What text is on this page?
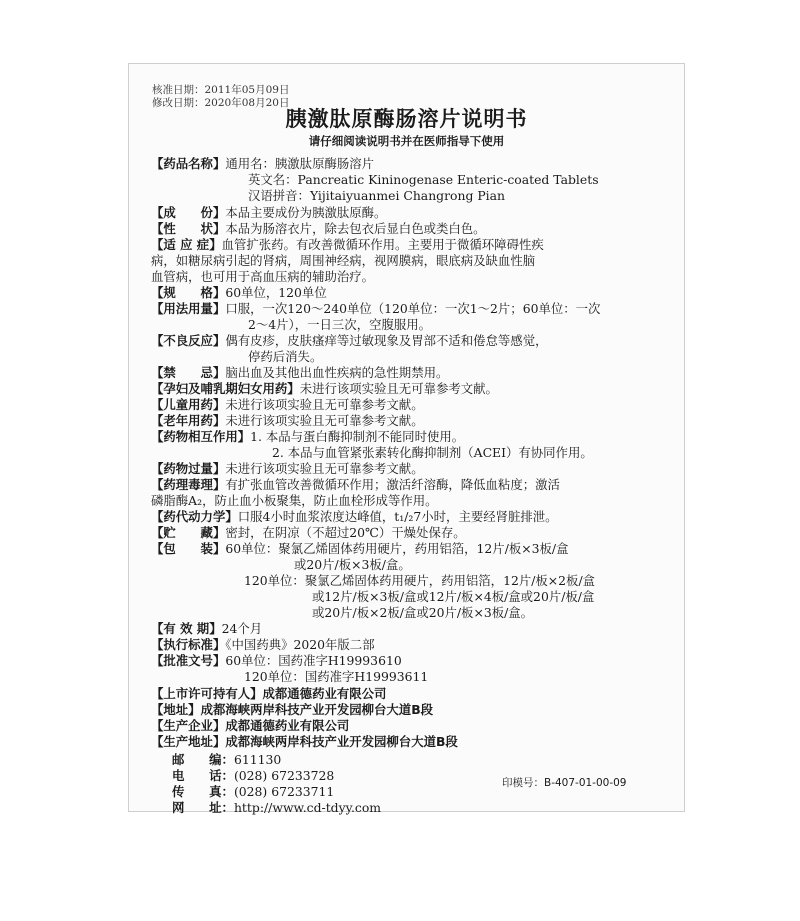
核准日期：2011年05月09日
修改日期：2020年08月20日
胰激肽原酶肠溶片说明书
请仔细阅读说明书并在医师指导下使用
【药品名称】通用名：胰激肽原酶肠溶片
英文名：Pancreatic Kininogenase Enteric-coated Tablets
汉语拼音：Yijitaiyuanmei Changrong Pian
【成　　份】本品主要成份为胰激肽原酶。
【性　　状】本品为肠溶衣片，除去包衣后显白色或类白色。
【适 应 症】血管扩张药。有改善微循环作用。主要用于微循环障碍性疾
病，如糖尿病引起的肾病，周围神经病，视网膜病，眼底病及缺血性脑
血管病，也可用于高血压病的辅助治疗。
【规　　格】60单位，120单位
【用法用量】口服，一次120～240单位（120单位：一次1～2片；60单位：一次
2～4片），一日三次，空腹服用。
【不良反应】偶有皮疹，皮肤瘙痒等过敏现象及胃部不适和倦怠等感觉，
停药后消失。
【禁　　忌】脑出血及其他出血性疾病的急性期禁用。
【孕妇及哺乳期妇女用药】未进行该项实验且无可靠参考文献。
【儿童用药】未进行该项实验且无可靠参考文献。
【老年用药】未进行该项实验且无可靠参考文献。
【药物相互作用】1. 本品与蛋白酶抑制剂不能同时使用。
2. 本品与血管紧张素转化酶抑制剂（ACEI）有协同作用。
【药物过量】未进行该项实验且无可靠参考文献。
【药理毒理】有扩张血管改善微循环作用；激活纤溶酶，降低血粘度；激活
磷脂酶A₂，防止血小板聚集，防止血栓形成等作用。
【药代动力学】口服4小时血浆浓度达峰值，t₁/₂7小时，主要经肾脏排泄。
【贮　　藏】密封，在阴凉（不超过20℃）干燥处保存。
【包　　装】60单位：聚氯乙烯固体药用硬片，药用铝箔，12片/板×3板/盒
或20片/板×3板/盒。
120单位：聚氯乙烯固体药用硬片，药用铝箔，12片/板×2板/盒
或12片/板×3板/盒或12片/板×4板/盒或20片/板/盒
或20片/板×2板/盒或20片/板×3板/盒。
【有 效 期】24个月
【执行标准】《中国药典》2020年版二部
【批准文号】60单位：国药准字H19993610
120单位：国药准字H19993611
【上市许可持有人】成都通德药业有限公司
【地址】成都海峡两岸科技产业开发园柳台大道B段
【生产企业】成都通德药业有限公司
【生产地址】成都海峡两岸科技产业开发园柳台大道B段
邮　　编：611130
电　　话：(028) 67233728
传　　真：(028) 67233711
网　　址：http://www.cd-tdyy.com
印模号：B-407-01-00-09
